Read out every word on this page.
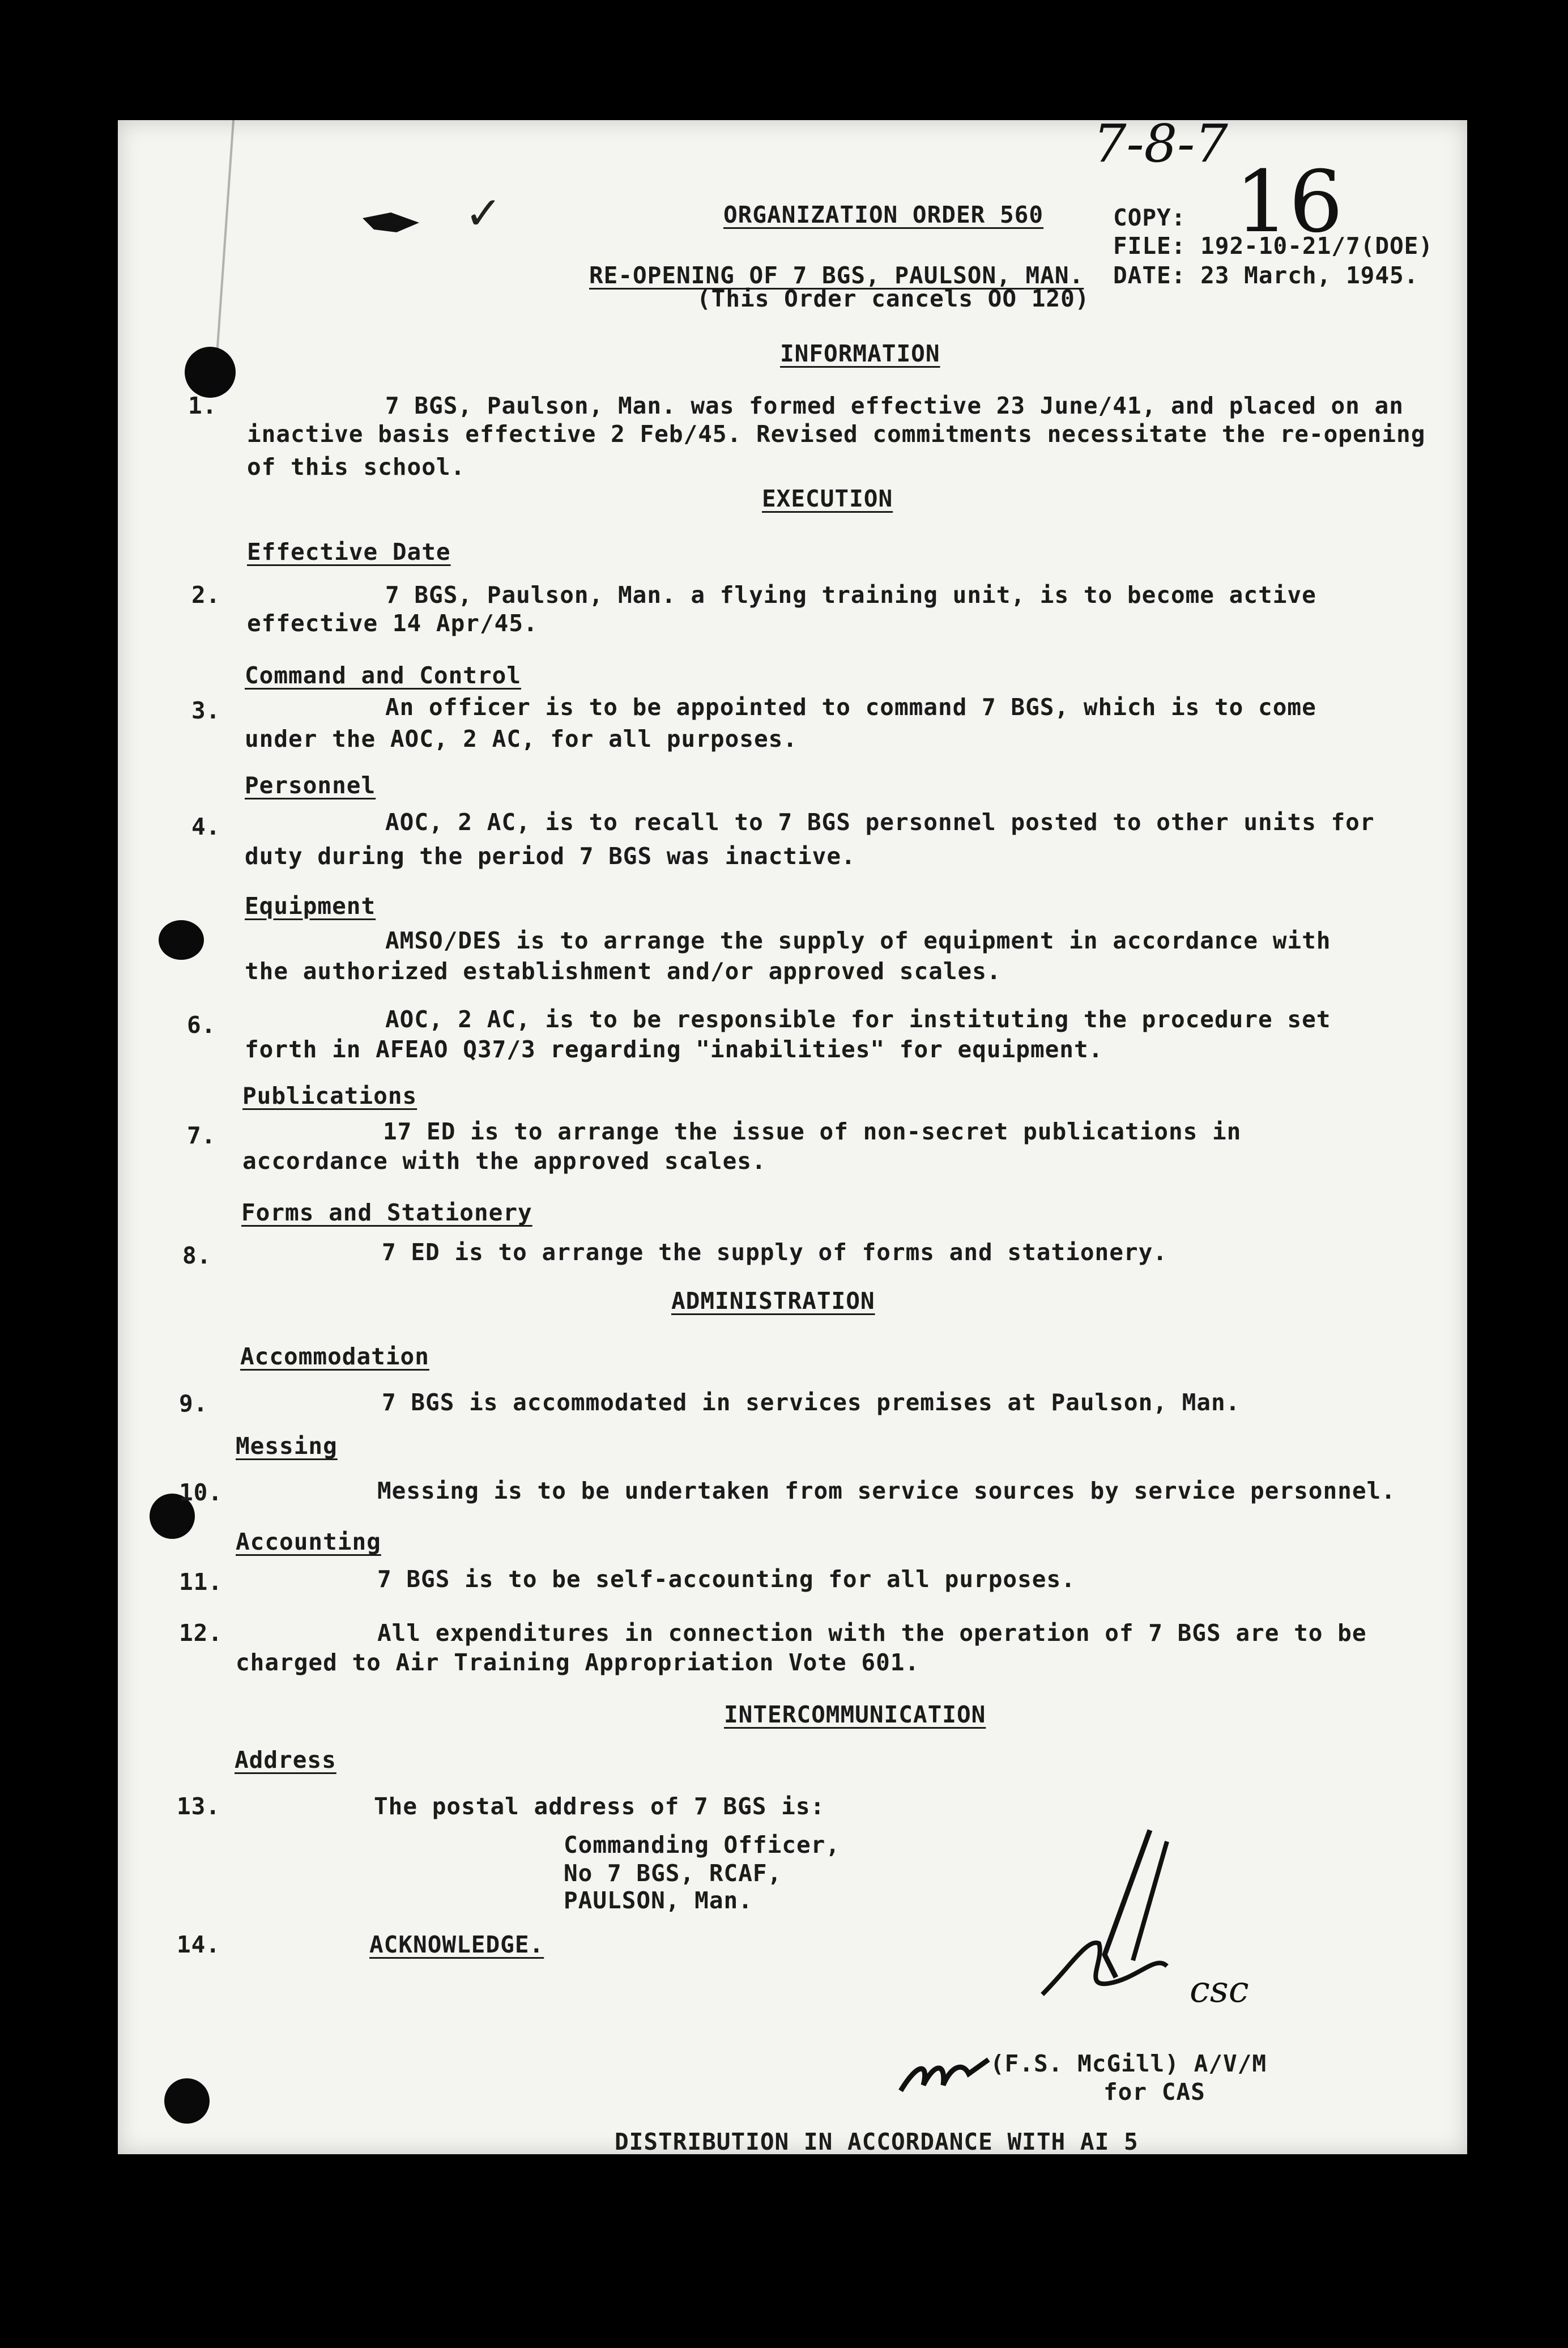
7-8-7
16
✓	ORGANIZATION ORDER 560
RE-OPENING OF 7 BGS, PAULSON, MAN.
(This Order cancels OO 120)
COPY:
FILE: 192-10-21/7(DOE)
DATE: 23 March, 1945.
INFORMATION
1.	7 BGS, Paulson, Man. was formed effective 23 June/41, and placed on an
inactive basis effective 2 Feb/45. Revised commitments necessitate the re-opening
of this school.
EXECUTION
Effective Date
2.	7 BGS, Paulson, Man. a flying training unit, is to become active
effective 14 Apr/45.
Command and Control
3.	An officer is to be appointed to command 7 BGS, which is to come
under the AOC, 2 AC, for all purposes.
Personnel
4.	AOC, 2 AC, is to recall to 7 BGS personnel posted to other units for
duty during the period 7 BGS was inactive.
Equipment
AMSO/DES is to arrange the supply of equipment in accordance with
the authorized establishment and/or approved scales.
6.	AOC, 2 AC, is to be responsible for instituting the procedure set
forth in AFEAO Q37/3 regarding "inabilities" for equipment.
Publications
7.	17 ED is to arrange the issue of non-secret publications in
accordance with the approved scales.
Forms and Stationery
8.	7 ED is to arrange the supply of forms and stationery.
ADMINISTRATION
Accommodation
9.	7 BGS is accommodated in services premises at Paulson, Man.
Messing
10.	Messing is to be undertaken from service sources by service personnel.
Accounting
11.	7 BGS is to be self-accounting for all purposes.
12.	All expenditures in connection with the operation of 7 BGS are to be
charged to Air Training Appropriation Vote 601.
INTERCOMMUNICATION
Address
13.	The postal address of 7 BGS is:
Commanding Officer,
No 7 BGS, RCAF,
PAULSON, Man.
14.	ACKNOWLEDGE.
csc
(F.S. McGill) A/V/M
for CAS
DISTRIBUTION IN ACCORDANCE WITH AI 5
